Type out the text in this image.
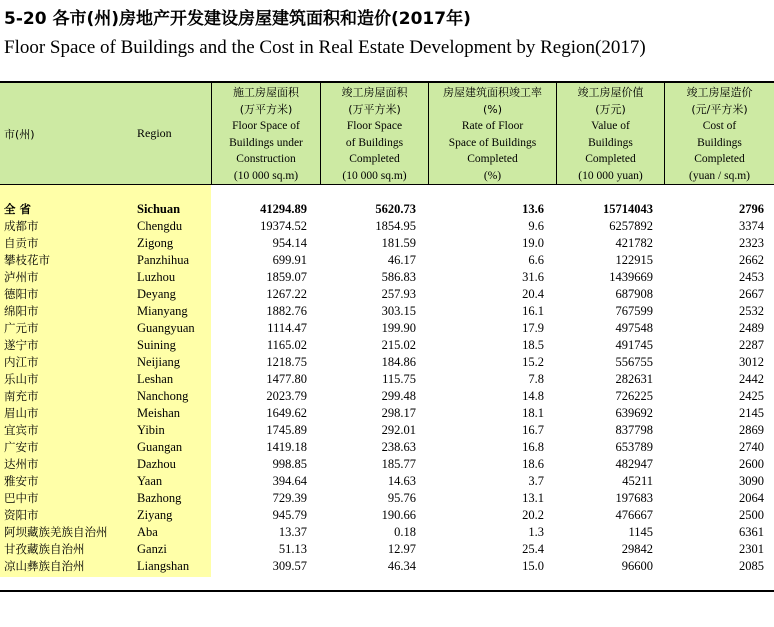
5-20 各市(州)房地产开发建设房屋建筑面积和造价(2017年)
Floor Space of Buildings and the Cost in Real Estate Development by Region(2017)
市(州)	Region
施工房屋面积
(万平方米)
Floor Space of
Buildings under
Construction
(10 000 sq.m)
竣工房屋面积
(万平方米)
Floor Space
of Buildings
Completed
(10 000 sq.m)
房屋建筑面积竣工率
(%)
Rate of Floor
Space of Buildings
Completed
(%)
竣工房屋价值
(万元)
Value of
Buildings
Completed
(10 000 yuan)
竣工房屋造价
(元/平方米)
Cost of
Buildings
Completed
(yuan / sq.m)
全 省	Sichuan	41294.89	5620.73	13.6	15714043	2796
成都市	Chengdu	19374.52	1854.95	9.6	6257892	3374
自贡市	Zigong	954.14	181.59	19.0	421782	2323
攀枝花市	Panzhihua	699.91	46.17	6.6	122915	2662
泸州市	Luzhou	1859.07	586.83	31.6	1439669	2453
德阳市	Deyang	1267.22	257.93	20.4	687908	2667
绵阳市	Mianyang	1882.76	303.15	16.1	767599	2532
广元市	Guangyuan	1114.47	199.90	17.9	497548	2489
遂宁市	Suining	1165.02	215.02	18.5	491745	2287
内江市	Neijiang	1218.75	184.86	15.2	556755	3012
乐山市	Leshan	1477.80	115.75	7.8	282631	2442
南充市	Nanchong	2023.79	299.48	14.8	726225	2425
眉山市	Meishan	1649.62	298.17	18.1	639692	2145
宜宾市	Yibin	1745.89	292.01	16.7	837798	2869
广安市	Guangan	1419.18	238.63	16.8	653789	2740
达州市	Dazhou	998.85	185.77	18.6	482947	2600
雅安市	Yaan	394.64	14.63	3.7	45211	3090
巴中市	Bazhong	729.39	95.76	13.1	197683	2064
资阳市	Ziyang	945.79	190.66	20.2	476667	2500
阿坝藏族羌族自治州 Aba	13.37	0.18	1.3	1145	6361
甘孜藏族自治州	Ganzi	51.13	12.97	25.4	29842	2301
凉山彝族自治州	Liangshan	309.57	46.34	15.0	96600	2085
